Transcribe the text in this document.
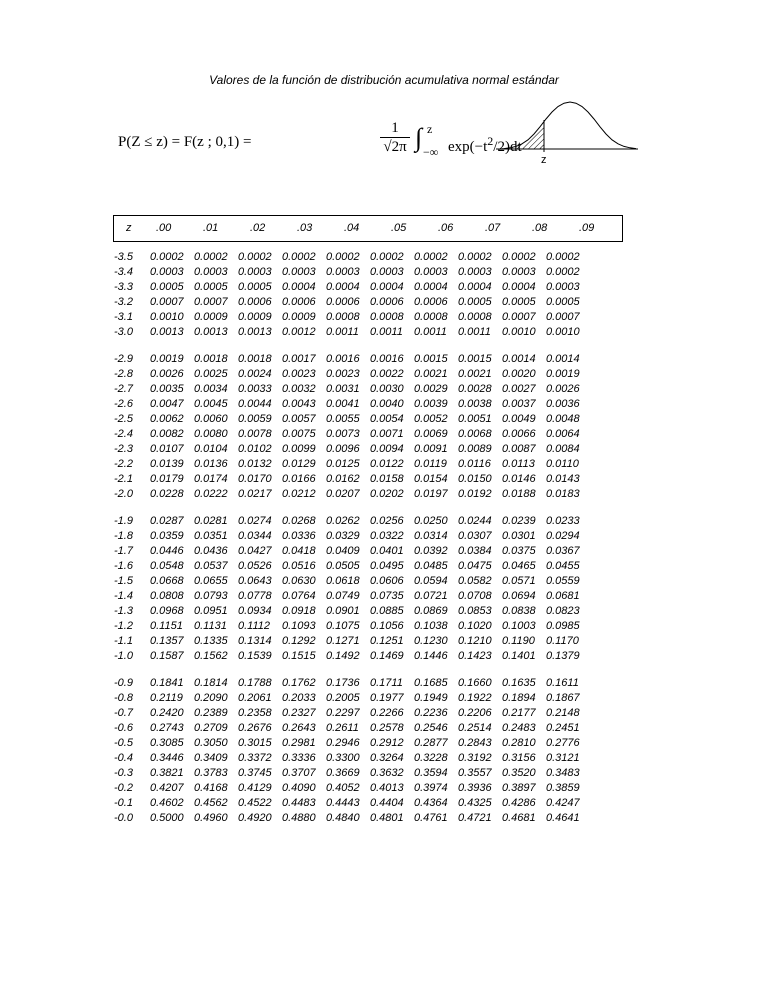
Valores de la función de distribución acumulativa normal estándar
P(Z ≤ z) = F(z ; 0,1) =
1
√2π ∫ z
−∞ $\exp(-t^2/2)dt$
z
z	.00	.01	.02	.03	.04	.05	.06	.07	.08	.09
-3.5	0.0002 0.0002 0.0002 0.0002 0.0002 0.0002 0.0002 0.0002 0.0002 0.0002
-3.4	0.0003 0.0003 0.0003 0.0003 0.0003 0.0003 0.0003 0.0003 0.0003 0.0002
-3.3	0.0005 0.0005 0.0005 0.0004 0.0004 0.0004 0.0004 0.0004 0.0004 0.0003
-3.2	0.0007 0.0007 0.0006 0.0006 0.0006 0.0006 0.0006 0.0005 0.0005 0.0005
-3.1	0.0010 0.0009 0.0009 0.0009 0.0008 0.0008 0.0008 0.0008 0.0007 0.0007
-3.0	0.0013 0.0013 0.0013 0.0012 0.0011	0.0011	0.0011	0.0011	0.0010 0.0010
-2.9	0.0019 0.0018 0.0018 0.0017 0.0016 0.0016 0.0015 0.0015 0.0014 0.0014
-2.8	0.0026 0.0025 0.0024 0.0023 0.0023 0.0022 0.0021 0.0021 0.0020 0.0019
-2.7	0.0035 0.0034 0.0033 0.0032 0.0031 0.0030 0.0029 0.0028 0.0027 0.0026
-2.6	0.0047 0.0045 0.0044 0.0043 0.0041 0.0040 0.0039 0.0038 0.0037 0.0036
-2.5	0.0062 0.0060 0.0059 0.0057 0.0055 0.0054 0.0052 0.0051 0.0049 0.0048
-2.4	0.0082 0.0080 0.0078 0.0075 0.0073 0.0071 0.0069 0.0068 0.0066 0.0064
-2.3	0.0107 0.0104 0.0102 0.0099 0.0096 0.0094 0.0091 0.0089 0.0087 0.0084
-2.2	0.0139 0.0136 0.0132 0.0129 0.0125 0.0122 0.0119	0.0116	0.0113	0.0110
-2.1	0.0179 0.0174 0.0170 0.0166 0.0162 0.0158 0.0154 0.0150 0.0146 0.0143
-2.0	0.0228 0.0222 0.0217 0.0212 0.0207 0.0202 0.0197 0.0192 0.0188 0.0183
-1.9	0.0287 0.0281 0.0274 0.0268 0.0262 0.0256 0.0250 0.0244 0.0239 0.0233
-1.8	0.0359 0.0351 0.0344 0.0336 0.0329 0.0322 0.0314 0.0307 0.0301 0.0294
-1.7	0.0446 0.0436 0.0427 0.0418 0.0409 0.0401 0.0392 0.0384 0.0375 0.0367
-1.6	0.0548 0.0537 0.0526 0.0516 0.0505 0.0495 0.0485 0.0475 0.0465 0.0455
-1.5	0.0668 0.0655 0.0643 0.0630 0.0618 0.0606 0.0594 0.0582 0.0571 0.0559
-1.4	0.0808 0.0793 0.0778 0.0764 0.0749 0.0735 0.0721 0.0708 0.0694 0.0681
-1.3	0.0968 0.0951 0.0934 0.0918 0.0901 0.0885 0.0869 0.0853 0.0838 0.0823
-1.2	0.1151	0.1131	0.1112	0.1093 0.1075 0.1056 0.1038 0.1020 0.1003 0.0985
-1.1	0.1357 0.1335 0.1314 0.1292 0.1271 0.1251 0.1230 0.1210 0.1190	0.1170
-1.0	0.1587 0.1562 0.1539 0.1515 0.1492 0.1469 0.1446 0.1423 0.1401 0.1379
-0.9	0.1841 0.1814 0.1788 0.1762 0.1736 0.1711	0.1685 0.1660 0.1635 0.1611
-0.8	0.2119	0.2090 0.2061 0.2033 0.2005 0.1977 0.1949 0.1922 0.1894 0.1867
-0.7	0.2420 0.2389 0.2358 0.2327 0.2297 0.2266 0.2236 0.2206 0.2177 0.2148
-0.6	0.2743 0.2709 0.2676 0.2643 0.2611	0.2578 0.2546 0.2514 0.2483 0.2451
-0.5	0.3085 0.3050 0.3015 0.2981 0.2946 0.2912 0.2877 0.2843 0.2810 0.2776
-0.4	0.3446 0.3409 0.3372 0.3336 0.3300 0.3264 0.3228 0.3192 0.3156 0.3121
-0.3	0.3821 0.3783 0.3745 0.3707 0.3669 0.3632 0.3594 0.3557 0.3520 0.3483
-0.2	0.4207 0.4168 0.4129 0.4090 0.4052 0.4013 0.3974 0.3936 0.3897 0.3859
-0.1	0.4602 0.4562 0.4522 0.4483 0.4443 0.4404 0.4364 0.4325 0.4286 0.4247
-0.0	0.5000 0.4960 0.4920 0.4880 0.4840 0.4801 0.4761 0.4721 0.4681 0.4641
